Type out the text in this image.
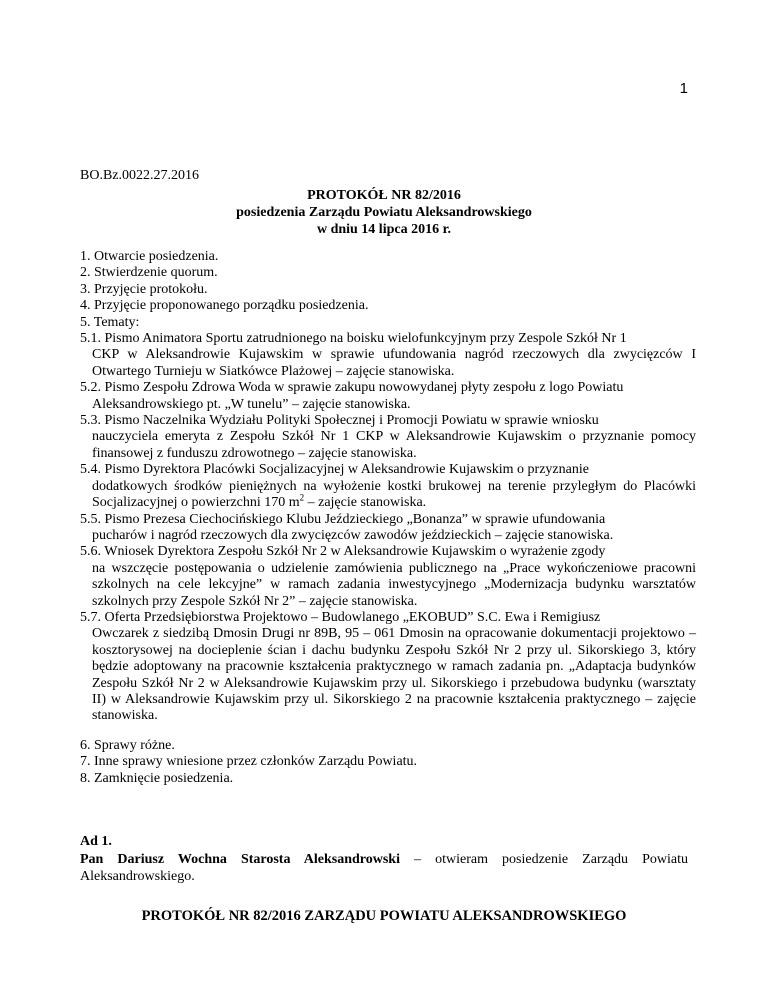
1
BO.Bz.0022.27.2016
PROTOKÓŁ NR 82/2016
posiedzenia Zarządu Powiatu Aleksandrowskiego
w dniu 14 lipca 2016 r.
1. Otwarcie posiedzenia.
2. Stwierdzenie quorum.
3. Przyjęcie protokołu.
4. Przyjęcie proponowanego porządku posiedzenia.
5. Tematy:
5.1. Pismo Animatora Sportu zatrudnionego na boisku wielofunkcyjnym przy Zespole Szkół Nr 1
CKP w Aleksandrowie Kujawskim w sprawie ufundowania nagród rzeczowych dla zwycięzców I Otwartego Turnieju w Siatkówce Plażowej – zajęcie stanowiska.
5.2. Pismo Zespołu Zdrowa Woda w sprawie zakupu nowowydanej płyty zespołu z logo Powiatu
Aleksandrowskiego pt. „W tunelu” – zajęcie stanowiska.
5.3. Pismo Naczelnika Wydziału Polityki Społecznej i Promocji Powiatu w sprawie wniosku
nauczyciela emeryta z Zespołu Szkół Nr 1 CKP w Aleksandrowie Kujawskim o przyznanie pomocy finansowej z funduszu zdrowotnego – zajęcie stanowiska.
5.4. Pismo Dyrektora Placówki Socjalizacyjnej w Aleksandrowie Kujawskim o przyznanie
dodatkowych środków pieniężnych na wyłożenie kostki brukowej na terenie przyległym do Placówki Socjalizacyjnej o powierzchni 170 $m^2$ – zajęcie stanowiska.
5.5. Pismo Prezesa Ciechocińskiego Klubu Jeździeckiego „Bonanza” w sprawie ufundowania
pucharów i nagród rzeczowych dla zwycięzców zawodów jeździeckich – zajęcie stanowiska.
5.6. Wniosek Dyrektora Zespołu Szkół Nr 2 w Aleksandrowie Kujawskim o wyrażenie zgody
na wszczęcie postępowania o udzielenie zamówienia publicznego na „Prace wykończeniowe pracowni szkolnych na cele lekcyjne” w ramach zadania inwestycyjnego „Modernizacja budynku warsztatów szkolnych przy Zespole Szkół Nr 2” – zajęcie stanowiska.
5.7. Oferta Przedsiębiorstwa Projektowo – Budowlanego „EKOBUD” S.C. Ewa i Remigiusz
Owczarek z siedzibą Dmosin Drugi nr 89B, 95 – 061 Dmosin na opracowanie dokumentacji projektowo – kosztorysowej na docieplenie ścian i dachu budynku Zespołu Szkół Nr 2 przy ul. Sikorskiego 3, który będzie adoptowany na pracownie kształcenia praktycznego w ramach zadania pn. „Adaptacja budynków Zespołu Szkół Nr 2 w Aleksandrowie Kujawskim przy ul. Sikorskiego i przebudowa budynku (warsztaty II) w Aleksandrowie Kujawskim przy ul. Sikorskiego 2 na pracownie kształcenia praktycznego – zajęcie stanowiska.
6. Sprawy różne.
7. Inne sprawy wniesione przez członków Zarządu Powiatu.
8. Zamknięcie posiedzenia.
Ad 1.
Pan Dariusz Wochna Starosta Aleksandrowski – otwieram posiedzenie Zarządu Powiatu Aleksandrowskiego.
PROTOKÓŁ NR 82/2016 ZARZĄDU POWIATU ALEKSANDROWSKIEGO
